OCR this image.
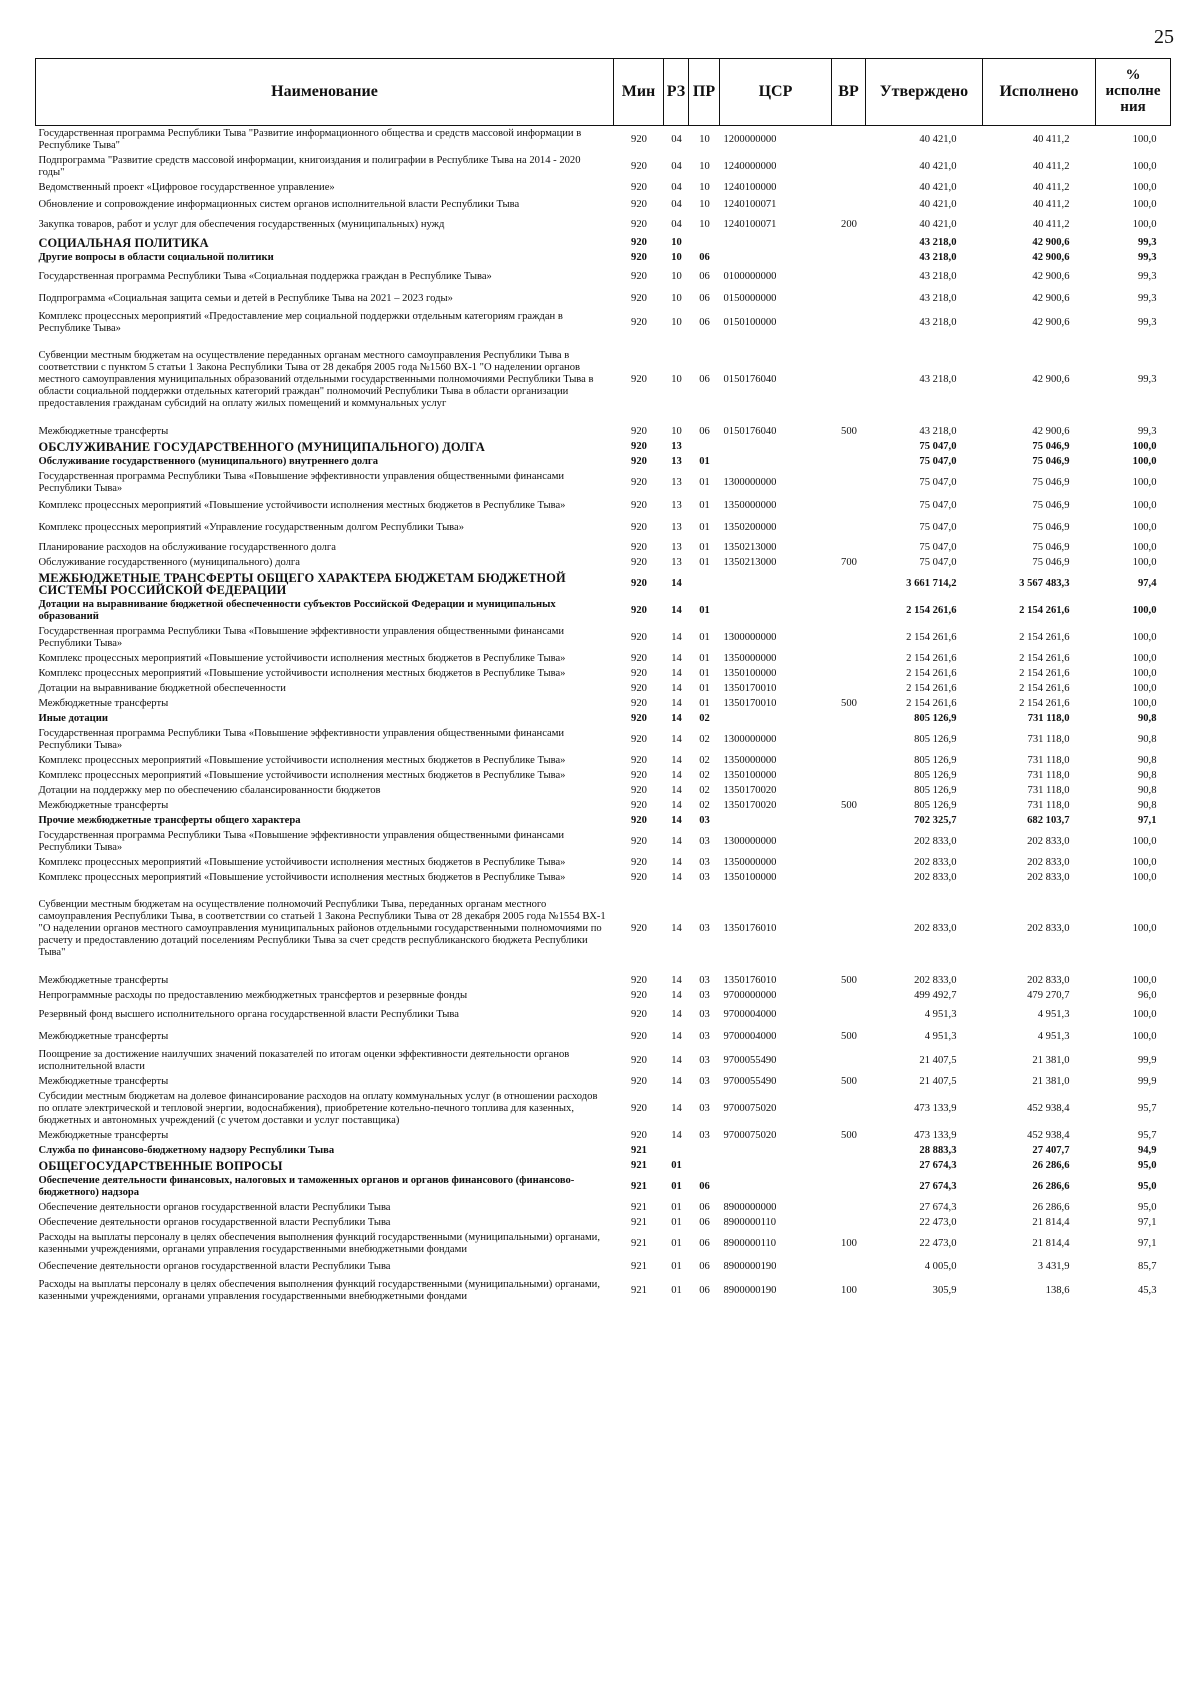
25
Наименование	Мин	РЗ	ПР	ЦСР	ВР	Утверждено	Исполнено	%
исполне
ния
Государственная программа Республики Тыва "Развитие информационного общества и средств массовой информации в Республике Тыва"	920	04	10	1200000000		40 421,0	40 411,2	100,0
Подпрограмма "Развитие средств массовой информации, книгоиздания и полиграфии в Республике Тыва на 2014 - 2020 годы"	920	04	10	1240000000		40 421,0	40 411,2	100,0
Ведомственный проект «Цифровое государственное управление»	920	04	10	1240100000		40 421,0	40 411,2	100,0
Обновление и сопровождение информационных систем органов исполнительной власти Республики Тыва	920	04	10	1240100071		40 421,0	40 411,2	100,0
Закупка товаров, работ и услуг для обеспечения государственных (муниципальных) нужд	920	04	10	1240100071	200	40 421,0	40 411,2	100,0
СОЦИАЛЬНАЯ ПОЛИТИКА	920	10				43 218,0	42 900,6	99,3
Другие вопросы в области социальной политики	920	10	06			43 218,0	42 900,6	99,3
Государственная программа Республики Тыва «Социальная поддержка граждан в Республике Тыва»	920	10	06	0100000000		43 218,0	42 900,6	99,3
Подпрограмма «Социальная защита семьи и детей в Республике Тыва на 2021 – 2023 годы»	920	10	06	0150000000		43 218,0	42 900,6	99,3
Комплекс процессных мероприятий «Предоставление мер социальной поддержки отдельным категориям граждан в Республике Тыва»	920	10	06	0150100000		43 218,0	42 900,6	99,3
Субвенции местным бюджетам на осуществление переданных органам местного самоуправления Республики Тыва в соответствии с пунктом 5 статьи 1 Закона Республики Тыва от 28 декабря 2005 года №1560 ВХ-1 "О наделении органов местного самоуправления муниципальных образований отдельными государственными полномочиями Республики Тыва в области социальной поддержки отдельных категорий граждан" полномочий Республики Тыва в области организации предоставления гражданам субсидий на оплату жилых помещений и коммунальных услуг	920	10	06	0150176040		43 218,0	42 900,6	99,3
Межбюджетные трансферты	920	10	06	0150176040	500	43 218,0	42 900,6	99,3
ОБСЛУЖИВАНИЕ ГОСУДАРСТВЕННОГО (МУНИЦИПАЛЬНОГО) ДОЛГА	920	13				75 047,0	75 046,9	100,0
Обслуживание государственного (муниципального) внутреннего долга	920	13	01			75 047,0	75 046,9	100,0
Государственная программа Республики Тыва «Повышение эффективности управления общественными финансами Республики Тыва»	920	13	01	1300000000		75 047,0	75 046,9	100,0
Комплекс процессных мероприятий «Повышение устойчивости исполнения местных бюджетов в Республике Тыва»	920	13	01	1350000000		75 047,0	75 046,9	100,0
Комплекс процессных мероприятий «Управление государственным долгом Республики Тыва»	920	13	01	1350200000		75 047,0	75 046,9	100,0
Планирование расходов на обслуживание государственного долга	920	13	01	1350213000		75 047,0	75 046,9	100,0
Обслуживание государственного (муниципального) долга	920	13	01	1350213000	700	75 047,0	75 046,9	100,0
МЕЖБЮДЖЕТНЫЕ ТРАНСФЕРТЫ ОБЩЕГО ХАРАКТЕРА БЮДЖЕТАМ БЮДЖЕТНОЙ СИСТЕМЫ РОССИЙСКОЙ ФЕДЕРАЦИИ	920	14				3 661 714,2	3 567 483,3	97,4
Дотации на выравнивание бюджетной обеспеченности субъектов Российской Федерации и муниципальных образований	920	14	01			2 154 261,6	2 154 261,6	100,0
Государственная программа Республики Тыва «Повышение эффективности управления общественными финансами Республики Тыва»	920	14	01	1300000000		2 154 261,6	2 154 261,6	100,0
Комплекс процессных мероприятий «Повышение устойчивости исполнения местных бюджетов в Республике Тыва»	920	14	01	1350000000		2 154 261,6	2 154 261,6	100,0
Комплекс процессных мероприятий «Повышение устойчивости исполнения местных бюджетов в Республике Тыва»	920	14	01	1350100000		2 154 261,6	2 154 261,6	100,0
Дотации на выравнивание бюджетной обеспеченности	920	14	01	1350170010		2 154 261,6	2 154 261,6	100,0
Межбюджетные трансферты	920	14	01	1350170010	500	2 154 261,6	2 154 261,6	100,0
Иные дотации	920	14	02			805 126,9	731 118,0	90,8
Государственная программа Республики Тыва «Повышение эффективности управления общественными финансами Республики Тыва»	920	14	02	1300000000		805 126,9	731 118,0	90,8
Комплекс процессных мероприятий «Повышение устойчивости исполнения местных бюджетов в Республике Тыва»	920	14	02	1350000000		805 126,9	731 118,0	90,8
Комплекс процессных мероприятий «Повышение устойчивости исполнения местных бюджетов в Республике Тыва»	920	14	02	1350100000		805 126,9	731 118,0	90,8
Дотации на поддержку мер по обеспечению сбалансированности бюджетов	920	14	02	1350170020		805 126,9	731 118,0	90,8
Межбюджетные трансферты	920	14	02	1350170020	500	805 126,9	731 118,0	90,8
Прочие межбюджетные трансферты общего характера	920	14	03			702 325,7	682 103,7	97,1
Государственная программа Республики Тыва «Повышение эффективности управления общественными финансами Республики Тыва»	920	14	03	1300000000		202 833,0	202 833,0	100,0
Комплекс процессных мероприятий «Повышение устойчивости исполнения местных бюджетов в Республике Тыва»	920	14	03	1350000000		202 833,0	202 833,0	100,0
Комплекс процессных мероприятий «Повышение устойчивости исполнения местных бюджетов в Республике Тыва»	920	14	03	1350100000		202 833,0	202 833,0	100,0
Субвенции местным бюджетам на осуществление полномочий Республики Тыва, переданных органам местного самоуправления Республики Тыва, в соответствии со статьей 1 Закона Республики Тыва от 28 декабря 2005 года №1554 ВХ-1 "О наделении органов местного самоуправления муниципальных районов отдельными государственными полномочиями по расчету и предоставлению дотаций поселениям Республики Тыва за счет средств республиканского бюджета Республики Тыва"	920	14	03	1350176010		202 833,0	202 833,0	100,0
Межбюджетные трансферты	920	14	03	1350176010	500	202 833,0	202 833,0	100,0
Непрограммные расходы по предоставлению межбюджетных трансфертов и резервные фонды	920	14	03	9700000000		499 492,7	479 270,7	96,0
Резервный фонд высшего исполнительного органа государственной власти Республики Тыва	920	14	03	9700004000		4 951,3	4 951,3	100,0
Межбюджетные трансферты	920	14	03	9700004000	500	4 951,3	4 951,3	100,0
Поощрение за достижение наилучших значений показателей по итогам оценки эффективности деятельности органов исполнительной власти	920	14	03	9700055490		21 407,5	21 381,0	99,9
Межбюджетные трансферты	920	14	03	9700055490	500	21 407,5	21 381,0	99,9
Субсидии местным бюджетам на долевое финансирование расходов на оплату коммунальных услуг (в отношении расходов по оплате электрической и тепловой энергии, водоснабжения), приобретение котельно-печного топлива для казенных, бюджетных и автономных учреждений (с учетом доставки и услуг поставщика)	920	14	03	9700075020		473 133,9	452 938,4	95,7
Межбюджетные трансферты	920	14	03	9700075020	500	473 133,9	452 938,4	95,7
Служба по финансово-бюджетному надзору Республики Тыва	921					28 883,3	27 407,7	94,9
ОБЩЕГОСУДАРСТВЕННЫЕ ВОПРОСЫ	921	01				27 674,3	26 286,6	95,0
Обеспечение деятельности финансовых, налоговых и таможенных органов и органов финансового (финансово-бюджетного) надзора	921	01	06			27 674,3	26 286,6	95,0
Обеспечение деятельности органов государственной власти Республики Тыва	921	01	06	8900000000		27 674,3	26 286,6	95,0
Обеспечение деятельности органов государственной власти Республики Тыва	921	01	06	8900000110		22 473,0	21 814,4	97,1
Расходы на выплаты персоналу в целях обеспечения выполнения функций государственными (муниципальными) органами, казенными учреждениями, органами управления государственными внебюджетными фондами	921	01	06	8900000110	100	22 473,0	21 814,4	97,1
Обеспечение деятельности органов государственной власти Республики Тыва	921	01	06	8900000190		4 005,0	3 431,9	85,7
Расходы на выплаты персоналу в целях обеспечения выполнения функций государственными (муниципальными) органами, казенными учреждениями, органами управления государственными внебюджетными фондами	921	01	06	8900000190	100	305,9	138,6	45,3
